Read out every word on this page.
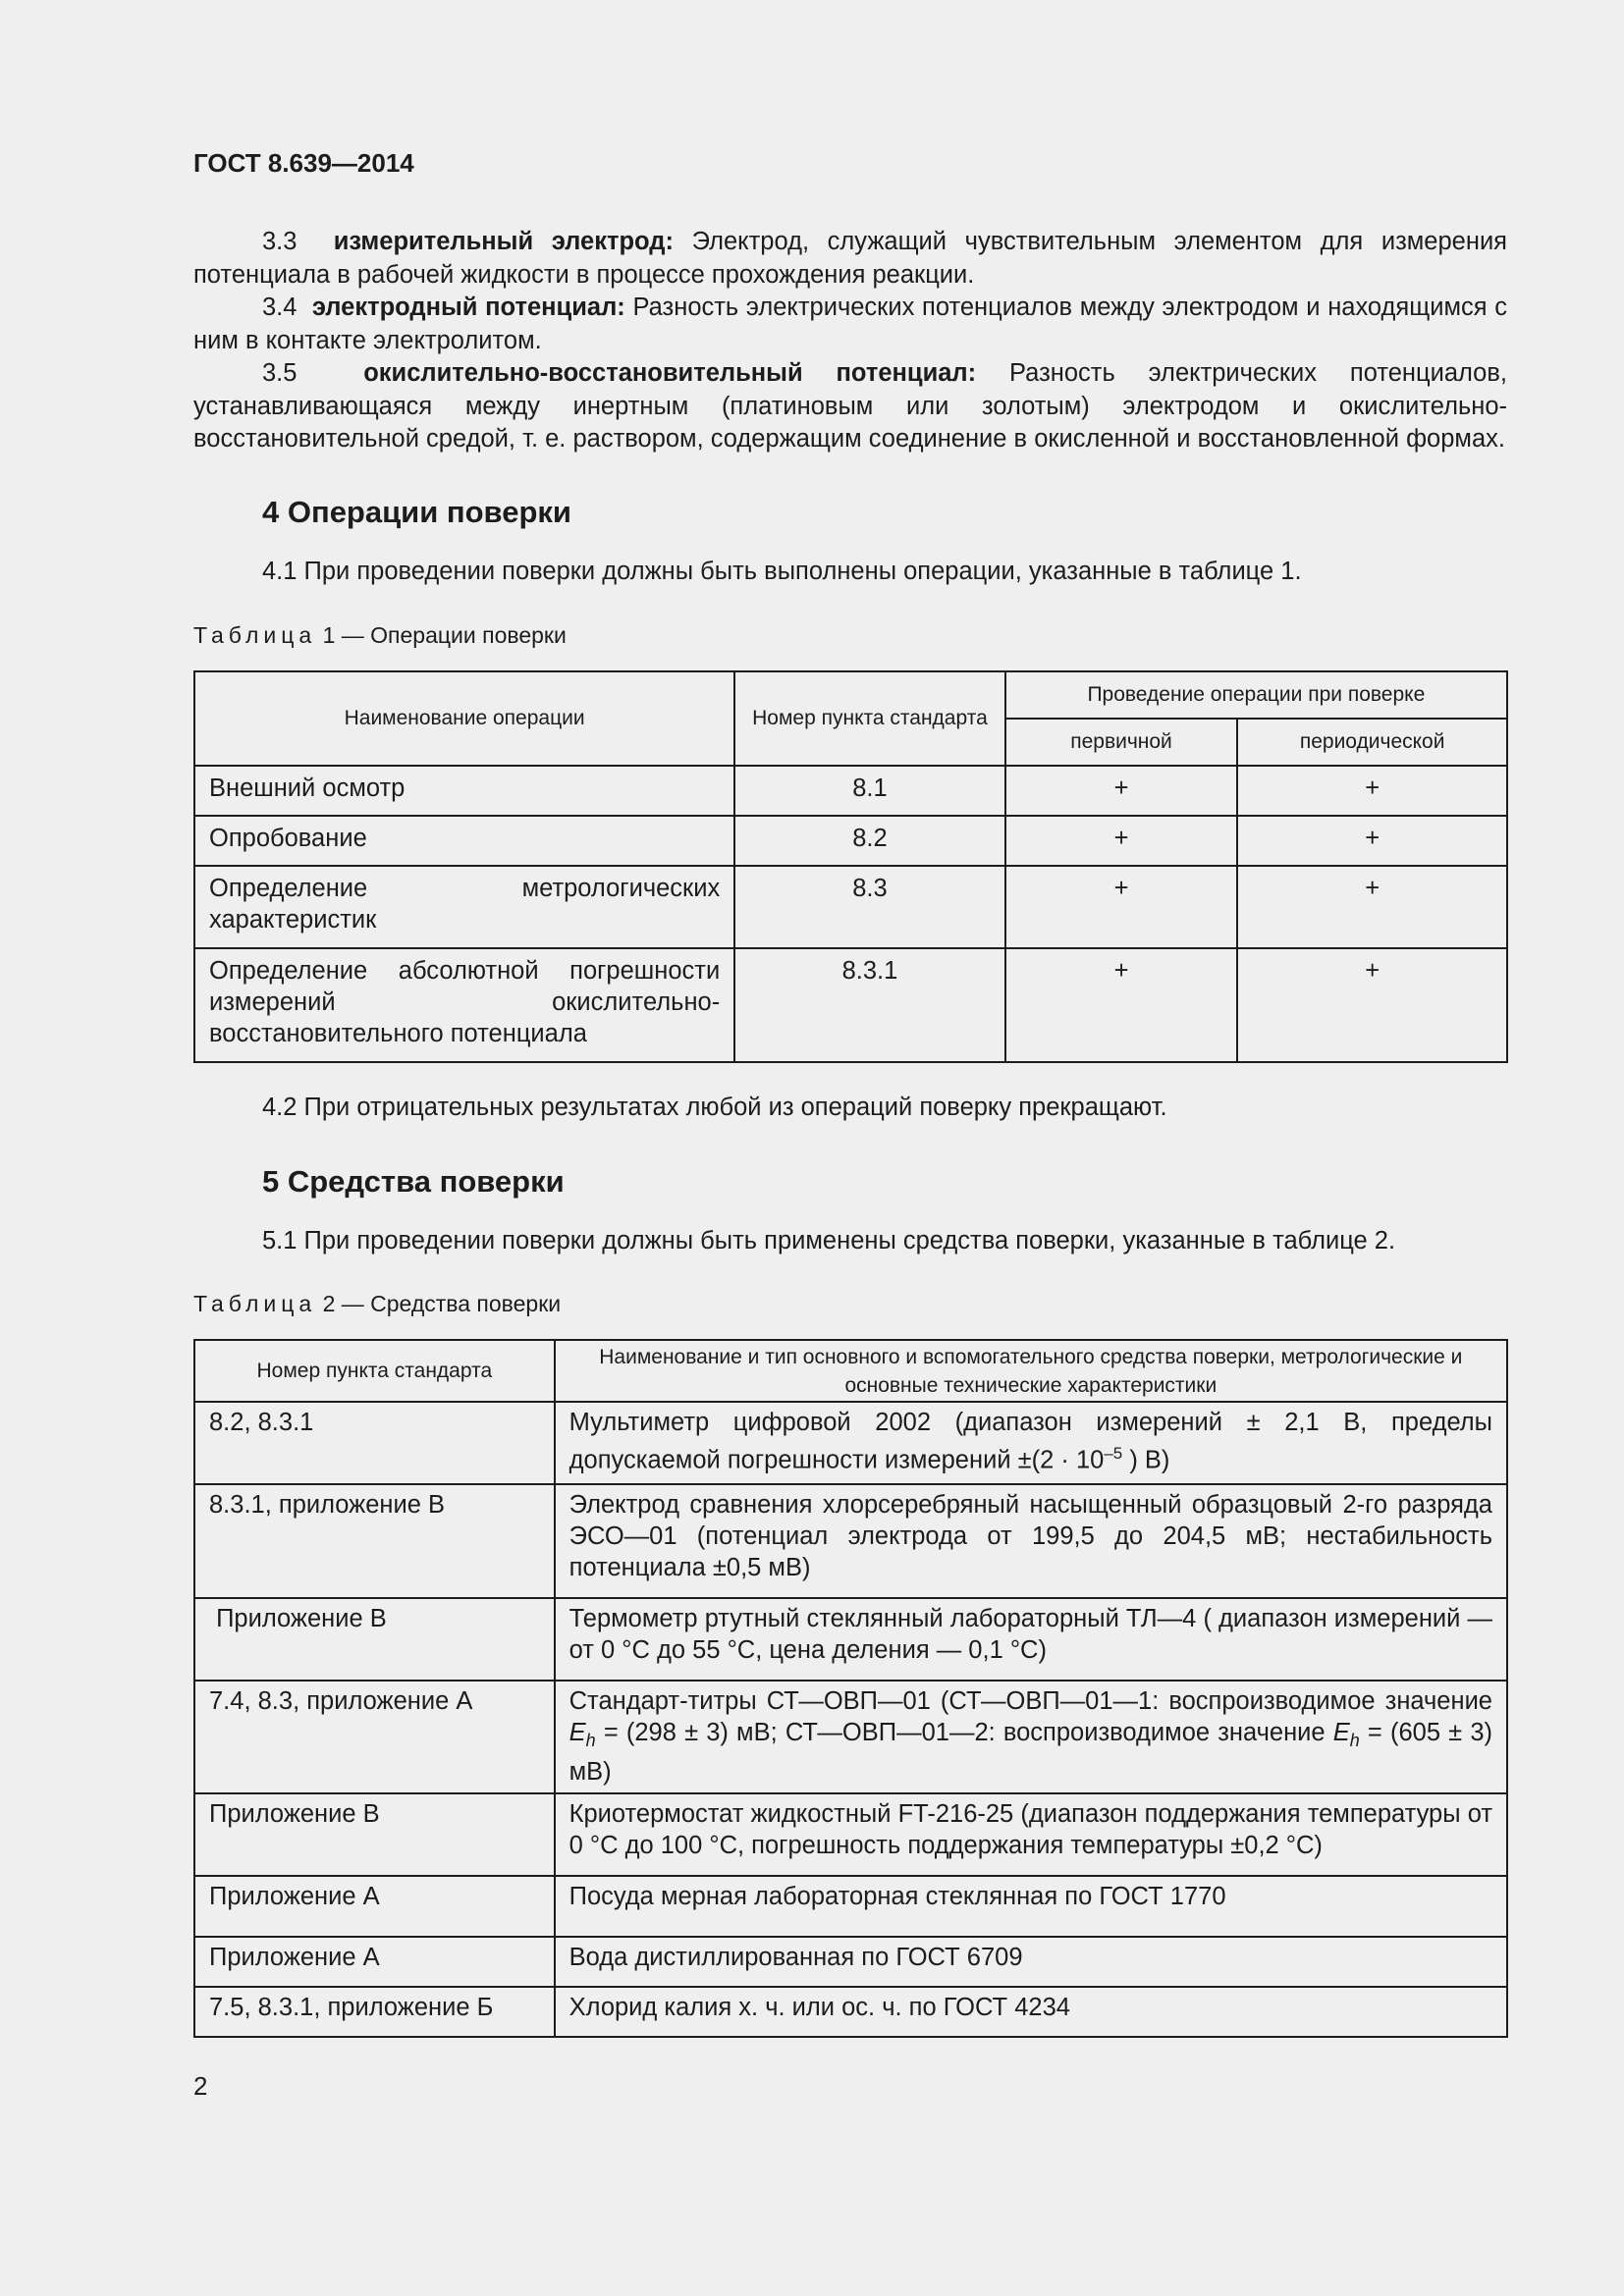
ГОСТ 8.639—2014
3.3 измерительный электрод: Электрод, служащий чувствительным элементом для измерения потенциала в рабочей жидкости в процессе прохождения реакции.
3.4 электродный потенциал: Разность электрических потенциалов между электродом и находящимся с ним в контакте электролитом.
3.5	окислительно-восстановительный потенциал: Разность электрических потенциалов, устанавливающаяся между инертным (платиновым или золотым) электродом и окислительно-восстановительной средой, т. е. раствором, содержащим соединение в окисленной и восстановленной формах.
4 Операции поверки
4.1 При проведении поверки должны быть выполнены операции, указанные в таблице 1.
Таблица 1 — Операции поверки
Наименование операции	Номер пункта стандарта	Проведение операции при поверке	
		первичной	периодической
Внешний осмотр	8.1	+	+
Опробование	8.2	+	+
Определение метрологических характеристик	8.3	+	+
Определение абсолютной погрешности измерений окислительно-восстановительного потенциала	8.3.1	+	+
4.2 При отрицательных результатах любой из операций поверку прекращают.
5 Средства поверки
5.1 При проведении поверки должны быть применены средства поверки, указанные в таблице 2.
Таблица 2 — Средства поверки
Номер пункта стандарта	Наименование и тип основного и вспомогательного средства поверки, метрологические и основные технические характеристики
8.2, 8.3.1	Мультиметр цифровой 2002 (диапазон измерений ± 2,1 В, пределы допускаемой погрешности измерений $\pm(2 \cdot 10^{-5}$ ) В)
8.3.1, приложение В	Электрод сравнения хлорсеребряный насыщенный образцовый 2-го разряда ЭСО—01 (потенциал электрода от 199,5 до 204,5 мВ; нестабильность потенциала ±0,5 мВ)
Приложение В	Термометр ртутный стеклянный лабораторный ТЛ—4 ( диапазон измерений — от 0 °С до 55 °С, цена деления — 0,1 °С)
7.4, 8.3, приложение А	Стандарт-титры СТ—ОВП—01 (СТ—ОВП—01—1: воспроизводимое значение $E_h = (298 \pm 3)$ мВ; СТ—ОВП—01—2: воспроизводимое значение $E_h = (605 \pm 3)$ мВ)
Приложение В	Криотермостат жидкостный FT-216-25 (диапазон поддержания температуры от 0 °С до 100 °С, погрешность поддержания температуры ±0,2 °С)
Приложение А	Посуда мерная лабораторная стеклянная по ГОСТ 1770
Приложение А	Вода дистиллированная по ГОСТ 6709
7.5, 8.3.1, приложение Б	Хлорид калия х. ч. или ос. ч. по ГОСТ 4234
2
